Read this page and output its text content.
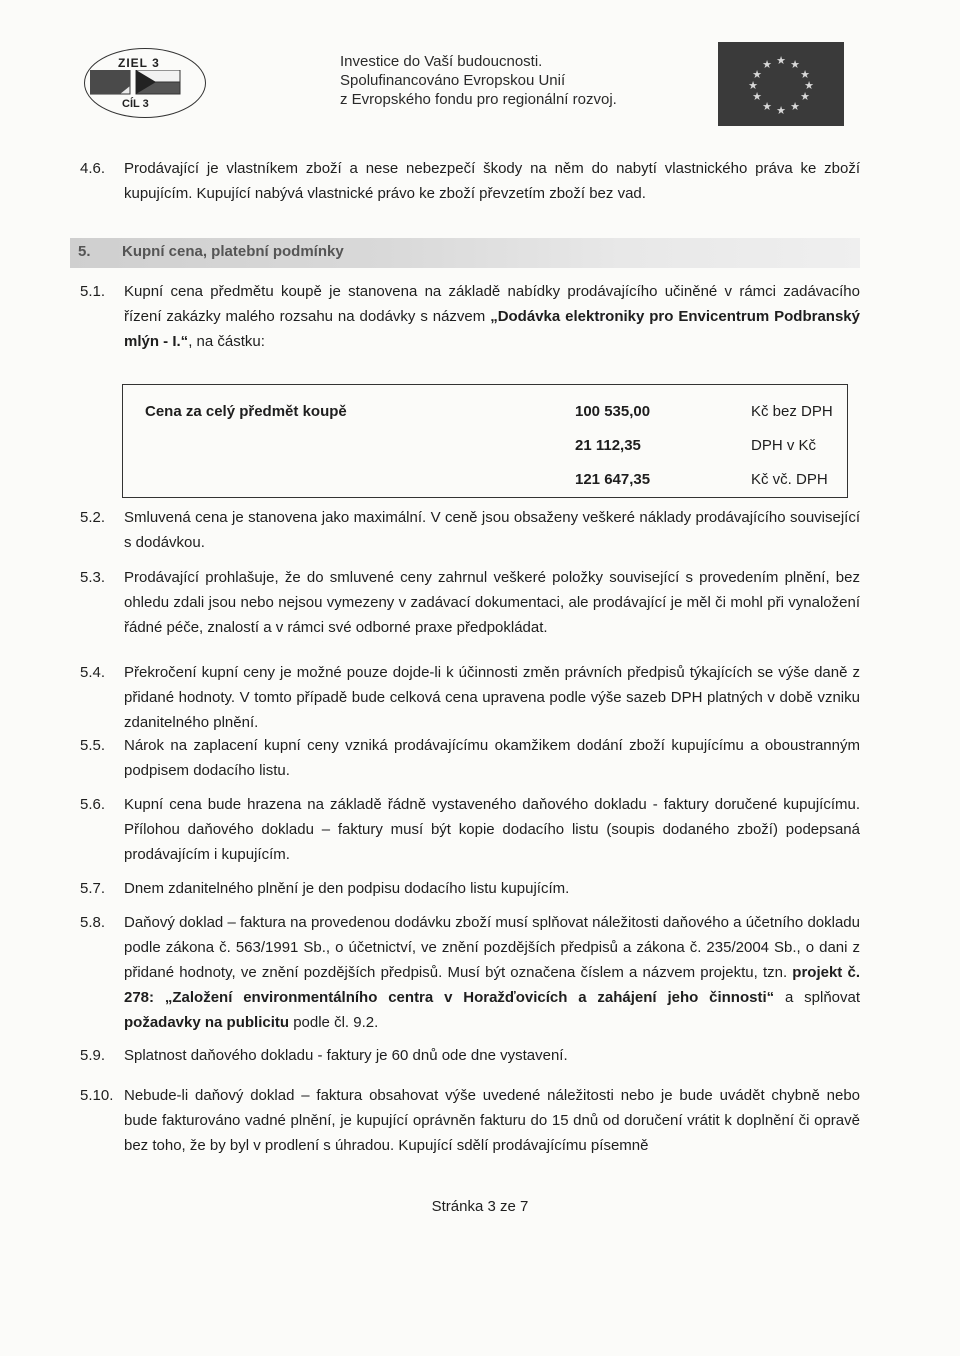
ZIEL 3
CÍL 3
Investice do Vaší budoucnosti.
Spolufinancováno Evropskou Unií
z Evropského fondu pro regionální rozvoj.
★ ★
★
★
★
★
★
★
★
★
★
★
4.6.	Prodávající je vlastníkem zboží a nese nebezpečí škody na něm do nabytí vlastnického práva ke zboží kupujícím. Kupující nabývá vlastnické právo ke zboží převzetím zboží bez vad.
5. Kupní cena, platební podmínky
5.1.	Kupní cena předmětu koupě je stanovena na základě nabídky prodávajícího učiněné v rámci zadávacího řízení zakázky malého rozsahu na dodávky s názvem „Dodávka elektroniky pro Envicentrum Podbranský mlýn - I.“, na částku:
Cena za celý předmět koupě	100 535,00	Kč bez DPH
21 112,35	DPH v Kč
121 647,35	Kč vč. DPH
5.2.	Smluvená cena je stanovena jako maximální. V ceně jsou obsaženy veškeré náklady prodávajícího související s dodávkou.
5.3.	Prodávající prohlašuje, že do smluvené ceny zahrnul veškeré položky související s provedením plnění, bez ohledu zdali jsou nebo nejsou vymezeny v zadávací dokumentaci, ale prodávající je měl či mohl při vynaložení řádné péče, znalostí a v rámci své odborné praxe předpokládat.
5.4.	Překročení kupní ceny je možné pouze dojde-li k účinnosti změn právních předpisů týkajících se výše daně z přidané hodnoty. V tomto případě bude celková cena upravena podle výše sazeb DPH platných v době vzniku zdanitelného plnění.
5.5.	Nárok na zaplacení kupní ceny vzniká prodávajícímu okamžikem dodání zboží kupujícímu a oboustranným podpisem dodacího listu.
5.6.	Kupní cena bude hrazena na základě řádně vystaveného daňového dokladu - faktury doručené kupujícímu. Přílohou daňového dokladu – faktury musí být kopie dodacího listu (soupis dodaného zboží) podepsaná prodávajícím i kupujícím.
5.7.	Dnem zdanitelného plnění je den podpisu dodacího listu kupujícím.
5.8.	Daňový doklad – faktura na provedenou dodávku zboží musí splňovat náležitosti daňového a účetního dokladu podle zákona č. 563/1991 Sb., o účetnictví, ve znění pozdějších předpisů a zákona č. 235/2004 Sb., o dani z přidané hodnoty, ve znění pozdějších předpisů. Musí být označena číslem a názvem projektu, tzn. projekt č. 278: „Založení environmentálního centra v Horažďovicích a zahájení jeho činnosti“ a splňovat požadavky na publicitu podle čl. 9.2.
5.9.	Splatnost daňového dokladu - faktury je 60 dnů ode dne vystavení.
5.10. Nebude-li daňový doklad – faktura obsahovat výše uvedené náležitosti nebo je bude uvádět chybně nebo bude fakturováno vadné plnění, je kupující oprávněn fakturu do 15 dnů od doručení vrátit k doplnění či opravě bez toho, že by byl v prodlení s úhradou. Kupující sdělí prodávajícímu písemně
Stránka 3 ze 7
